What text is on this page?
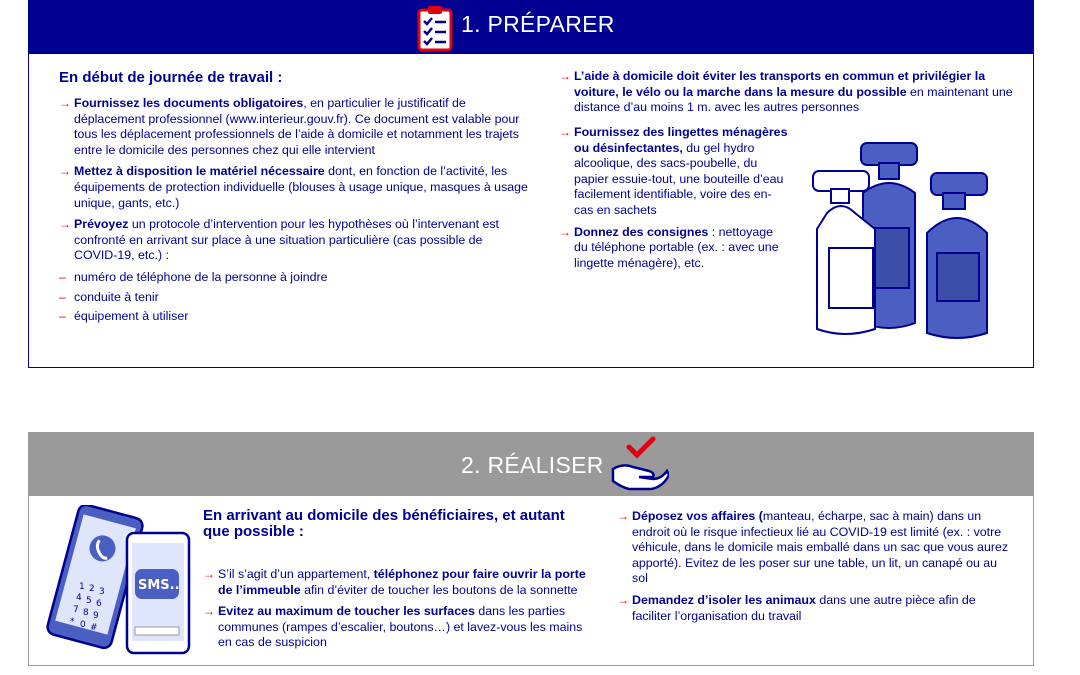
1. PRÉPARER
En début de journée de travail :
→ Fournissez les documents obligatoires, en particulier le justificatif de déplacement professionnel (www.interieur.gouv.fr). Ce document est valable pour tous les déplacement professionnels de l’aide à domicile et notamment les trajets entre le domicile des personnes chez qui elle intervient
→ Mettez à disposition le matériel nécessaire dont, en fonction de l’activité, les équipements de protection individuelle (blouses à usage unique, masques à usage unique, gants, etc.)
→ Prévoyez un protocole d’intervention pour les hypothèses où l’intervenant est confronté en arrivant sur place à une situation particulière (cas possible de COVID-19, etc.) :
– numéro de téléphone de la personne à joindre
– conduite à tenir
– équipement à utiliser
→ L’aide à domicile doit éviter les transports en commun et privilégier la voiture, le vélo ou la marche dans la mesure du possible en maintenant une distance d’au moins 1 m. avec les autres personnes
→ Fournissez des lingettes ménagères ou désinfectantes, du gel hydro alcoolique, des sacs-poubelle, du papier essuie-tout, une bouteille d’eau facilement identifiable, voire des en-cas en sachets
→ Donnez des consignes : nettoyage du téléphone portable (ex. : avec une lingette ménagère), etc.
2. RÉALISER
1 2 3
4 5 6
7 8 9
* 0 #
SMS..
En arrivant au domicile des bénéficiaires, et autant que possible :
→ S’il s’agit d’un appartement, téléphonez pour faire ouvrir la porte de l’immeuble afin d’éviter de toucher les boutons de la sonnette
→ Evitez au maximum de toucher les surfaces dans les parties communes (rampes d’escalier, boutons…) et lavez-vous les mains en cas de suspicion
→ Déposez vos affaires (manteau, écharpe, sac à main) dans un endroit où le risque infectieux lié au COVID-19 est limité (ex. : votre véhicule, dans le domicile mais emballé dans un sac que vous aurez apporté). Evitez de les poser sur une table, un lit, un canapé ou au sol
→ Demandez d’isoler les animaux dans une autre pièce afin de faciliter l’organisation du travail
